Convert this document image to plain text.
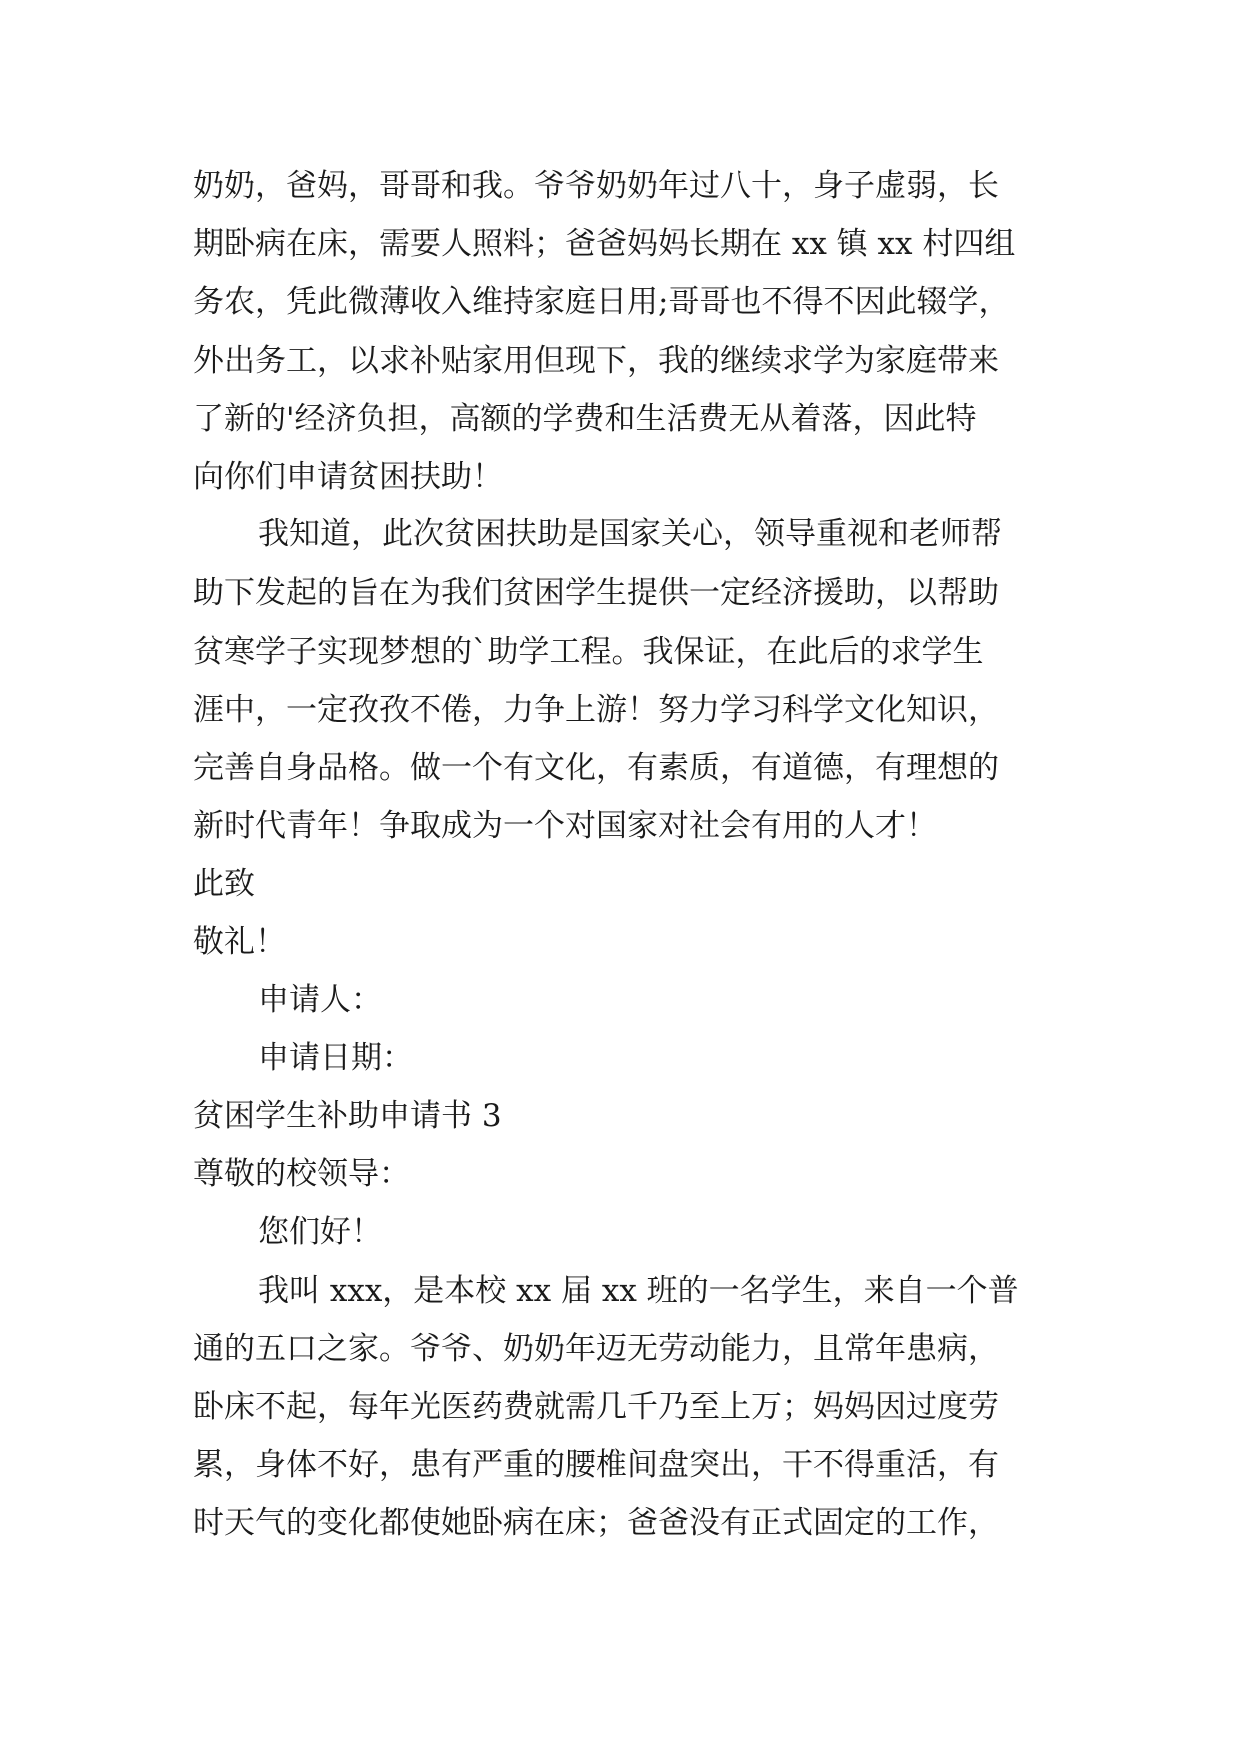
奶奶，爸妈，哥哥和我。爷爷奶奶年过八十，身子虚弱，长
期卧病在床，需要人照料；爸爸妈妈长期在 xx 镇 xx 村四组
务农，凭此微薄收入维持家庭日用;哥哥也不得不因此辍学，
外出务工，以求补贴家用但现下，我的继续求学为家庭带来
了新的'经济负担，高额的学费和生活费无从着落，因此特
向你们申请贫困扶助！
我知道，此次贫困扶助是国家关心，领导重视和老师帮
助下发起的旨在为我们贫困学生提供一定经济援助，以帮助
贫寒学子实现梦想的`助学工程。我保证，在此后的求学生
涯中，一定孜孜不倦，力争上游！努力学习科学文化知识，
完善自身品格。做一个有文化，有素质，有道德，有理想的
新时代青年！争取成为一个对国家对社会有用的人才！
此致
敬礼！
申请人：
申请日期：
贫困学生补助申请书 3
尊敬的校领导：
您们好！
我叫 xxx，是本校 xx 届 xx 班的一名学生，来自一个普
通的五口之家。爷爷、奶奶年迈无劳动能力，且常年患病，
卧床不起，每年光医药费就需几千乃至上万；妈妈因过度劳
累，身体不好，患有严重的腰椎间盘突出，干不得重活，有
时天气的变化都使她卧病在床；爸爸没有正式固定的工作，
